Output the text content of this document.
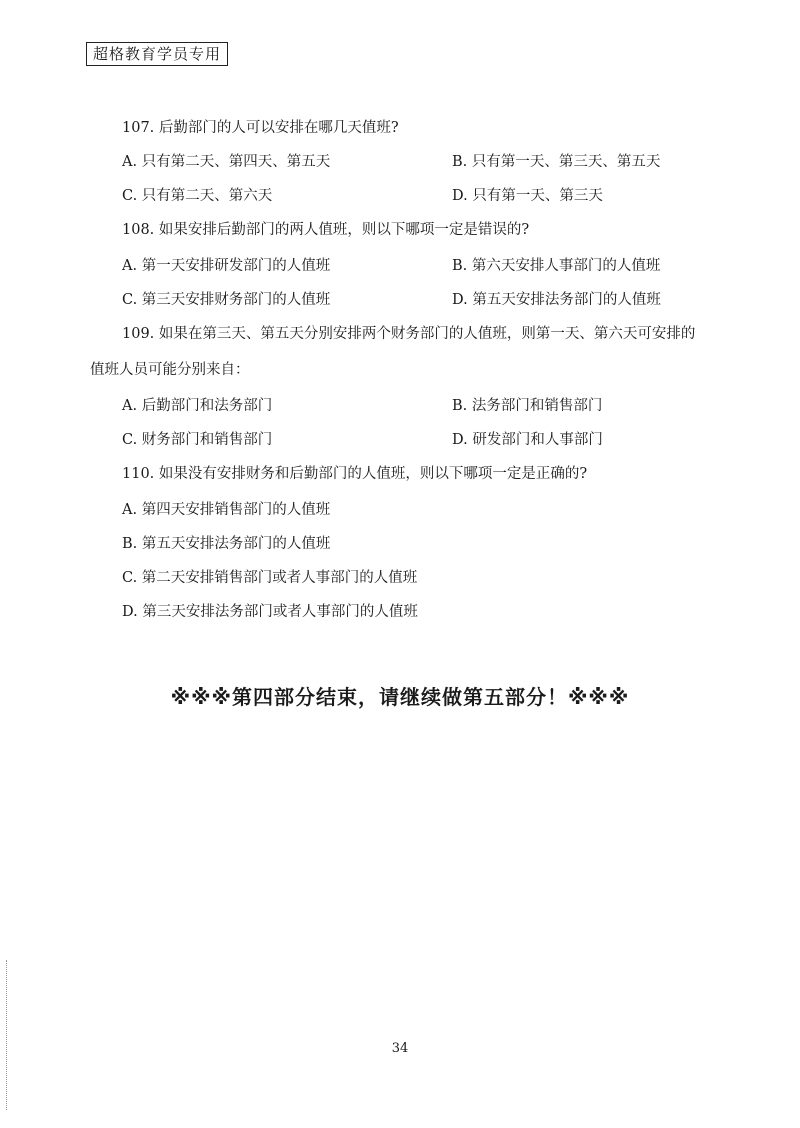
超格教育学员专用
107. 后勤部门的人可以安排在哪几天值班?
A. 只有第二天、第四天、第五天	B. 只有第一天、第三天、第五天
C. 只有第二天、第六天	D. 只有第一天、第三天
108. 如果安排后勤部门的两人值班，则以下哪项一定是错误的?
A. 第一天安排研发部门的人值班	B. 第六天安排人事部门的人值班
C. 第三天安排财务部门的人值班	D. 第五天安排法务部门的人值班
109. 如果在第三天、第五天分别安排两个财务部门的人值班，则第一天、第六天可安排的
值班人员可能分别来自：
A. 后勤部门和法务部门	B. 法务部门和销售部门
C. 财务部门和销售部门	D. 研发部门和人事部门
110. 如果没有安排财务和后勤部门的人值班，则以下哪项一定是正确的?
A. 第四天安排销售部门的人值班
B. 第五天安排法务部门的人值班
C. 第二天安排销售部门或者人事部门的人值班
D. 第三天安排法务部门或者人事部门的人值班
※※※第四部分结束，请继续做第五部分！※※※
34
